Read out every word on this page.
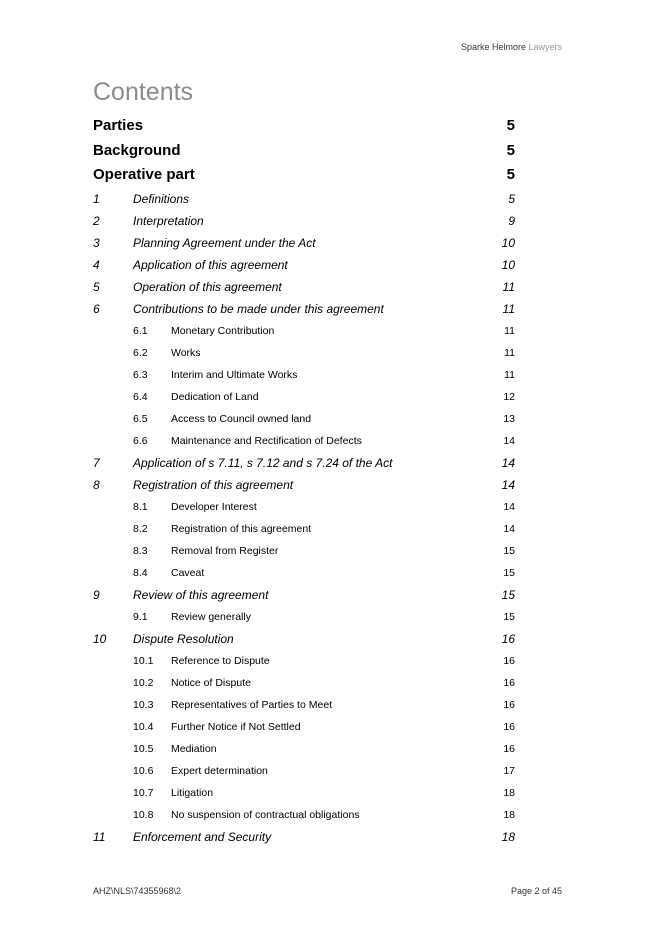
Sparke Helmore Lawyers
Contents
Parties	5
Background	5
Operative part	5
1	Definitions	5
2	Interpretation	9
3	Planning Agreement under the Act	10
4	Application of this agreement	10
5	Operation of this agreement	11
6	Contributions to be made under this agreement	11
6.1 Monetary Contribution	11
6.2 Works	11
6.3 Interim and Ultimate Works	11
6.4 Dedication of Land	12
6.5 Access to Council owned land	13
6.6 Maintenance and Rectification of Defects	14
7	Application of s 7.11, s 7.12 and s 7.24 of the Act	14
8	Registration of this agreement	14
8.1 Developer Interest	14
8.2 Registration of this agreement	14
8.3 Removal from Register	15
8.4 Caveat	15
9	Review of this agreement	15
9.1 Review generally	15
10 Dispute Resolution	16
10.1 Reference to Dispute	16
10.2 Notice of Dispute	16
10.3 Representatives of Parties to Meet	16
10.4 Further Notice if Not Settled	16
10.5 Mediation	16
10.6 Expert determination	17
10.7 Litigation	18
10.8 No suspension of contractual obligations	18
11 Enforcement and Security	18
AHZ\NLS\74355968\2	Page 2 of 45
